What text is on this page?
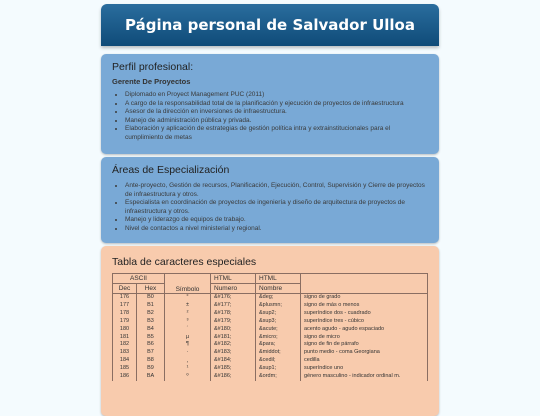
Página personal de Salvador Ulloa
Perfil profesional:
Gerente De Proyectos
• Diplomado en Proyect Management PUC (2011)
• A cargo de la responsabilidad total de la planificación y ejecución de proyectos de infraestructura
• Asesor de la dirección en inversiones de infraestructura.
• Manejo de administración pública y privada.
• Elaboración y aplicación de estrategias de gestión política intra y extrainstitucionales para el cumplimiento de metas
Áreas de Especialización
• Ante-proyecto, Gestión de recursos, Planificación, Ejecución, Control, Supervisión y Cierre de proyectos de infraestructura y otros.
• Especialista en coordinación de proyectos de ingeniería y diseño de arquitectura de proyectos de infraestructura y otros.
• Manejo y liderazgo de equipos de trabajo.
• Nivel de contactos a nivel ministerial y regional.
Tabla de caracteres especiales
ASCII		Símbolo	HTML	HTML	
Dec	Hex		Numero	Nombre	
176	B0	°	&#176;	&deg;	signo de grado
177	B1	±	&#177;	&plusmn;	signo de más o menos
178	B2	²	&#178;	&sup2;	superíndice dos - cuadrado
179	B3	³	&#179;	&sup3;	superíndice tres - cúbico
180	B4	´	&#180;	&acute;	acento agudo - agudo espaciado
181	B5	µ	&#181;	&micro;	signo de micro
182	B6	¶	&#182;	&para;	signo de fin de párrafo
183	B7	·	&#183;	&middot;	punto medio - coma Georgiana
184	B8	¸	&#184;	&cedil;	cedilla
185	B9	¹	&#185;	&sup1;	superíndice uno
186	BA	º	&#186;	&ordm;	género masculino - indicador ordinal m.
